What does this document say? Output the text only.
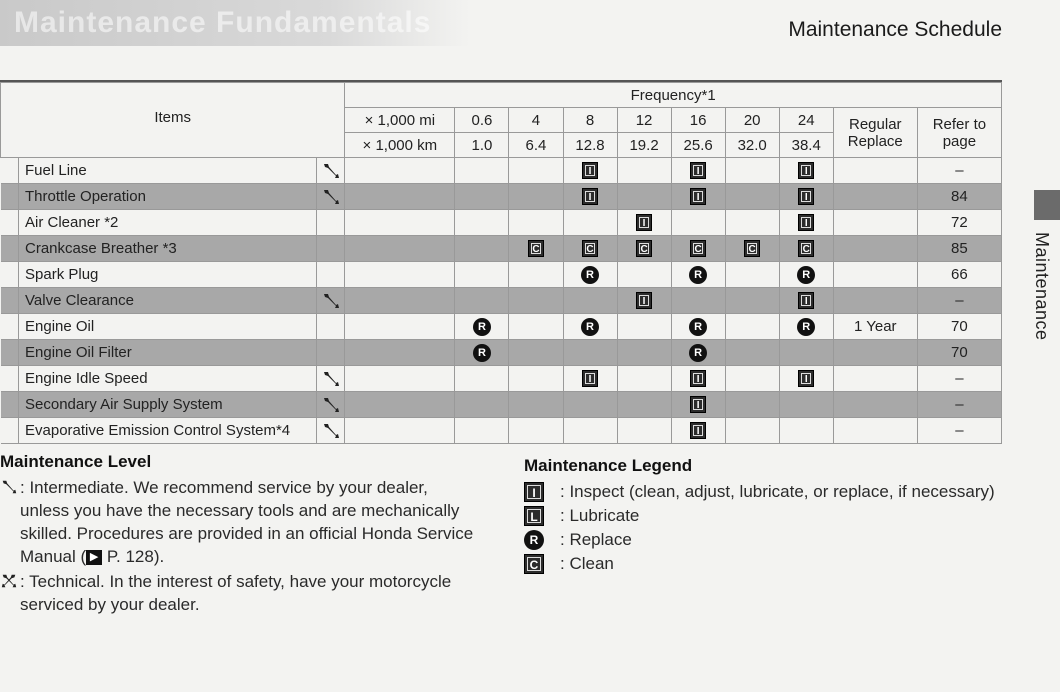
Maintenance Fundamentals	Maintenance Schedule
Maintenance
Items			Frequency*1									
			× 1,000 mi	0.6	4	8	12	16	20	24	Regular Replace	Refer to page
			× 1,000 km	1.0	6.4	12.8	19.2	25.6	32.0	38.4		
	Fuel Line					I		I		I		–
	Throttle Operation					I		I		I		84
	Air Cleaner *2						I			I		72
	Crankcase Breather *3				C	C	C	C	C	C		85
	Spark Plug					R		R		R		66
	Valve Clearance						I			I		–
	Engine Oil			R		R		R		R	1 Year	70
	Engine Oil Filter			R				R				70
	Engine Idle Speed					I		I		I		–
	Secondary Air Supply System							I				–
	Evaporative Emission Control System*4							I				–
Maintenance Level
: Intermediate. We recommend service by your dealer, unless you have the necessary tools and are mechanically skilled. Procedures are provided in an official Honda Service Manual ( ▶ P. 128).
: Technical. In the interest of safety, have your motorcycle serviced by your dealer.
Maintenance Legend
I	: Inspect (clean, adjust, lubricate, or replace, if necessary)
L	: Lubricate
R	: Replace
C	: Clean
